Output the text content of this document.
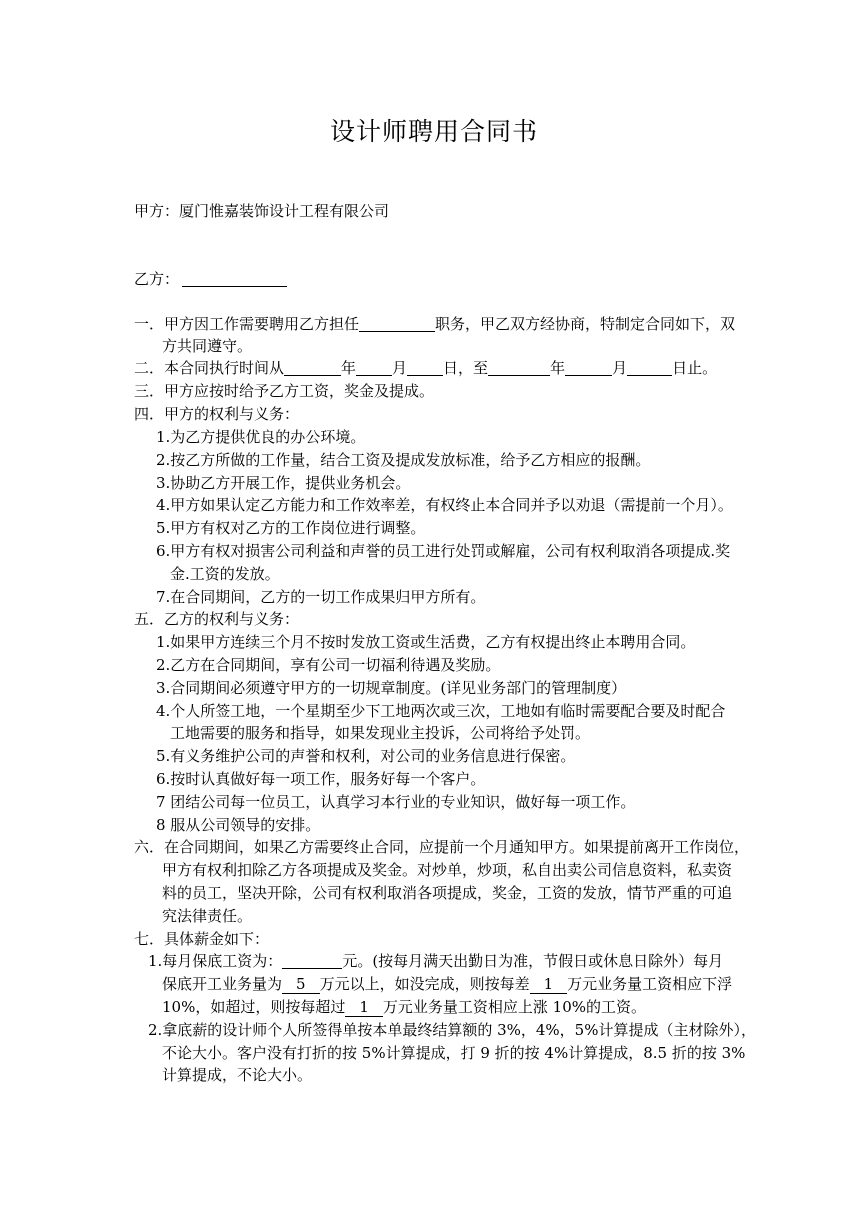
设计师聘用合同书
甲方：厦门惟嘉装饰设计工程有限公司
乙方：
一．甲方因工作需要聘用乙方担任	职务，甲乙双方经协商，特制定合同如下，双
方共同遵守。
二．本合同执行时间从	年 月 日，至	年	月	日止。
三．甲方应按时给予乙方工资，奖金及提成。
四．甲方的权利与义务：
1.为乙方提供优良的办公环境。
2.按乙方所做的工作量，结合工资及提成发放标准，给予乙方相应的报酬。
3.协助乙方开展工作，提供业务机会。
4.甲方如果认定乙方能力和工作效率差，有权终止本合同并予以劝退（需提前一个月）。
5.甲方有权对乙方的工作岗位进行调整。
6.甲方有权对损害公司利益和声誉的员工进行处罚或解雇，公司有权利取消各项提成.奖
金.工资的发放。
7.在合同期间，乙方的一切工作成果归甲方所有。
五．乙方的权利与义务：
1.如果甲方连续三个月不按时发放工资或生活费，乙方有权提出终止本聘用合同。
2.乙方在合同期间，享有公司一切福利待遇及奖励。
3.合同期间必须遵守甲方的一切规章制度。(详见业务部门的管理制度）
4.个人所签工地，一个星期至少下工地两次或三次，工地如有临时需要配合要及时配合
工地需要的服务和指导，如果发现业主投诉，公司将给予处罚。
5.有义务维护公司的声誉和权利，对公司的业务信息进行保密。
6.按时认真做好每一项工作，服务好每一个客户。
7 团结公司每一位员工，认真学习本行业的专业知识，做好每一项工作。
8 服从公司领导的安排。
六．在合同期间，如果乙方需要终止合同，应提前一个月通知甲方。如果提前离开工作岗位，
甲方有权利扣除乙方各项提成及奖金。对炒单，炒项，私自出卖公司信息资料，私卖资
料的员工，坚决开除，公司有权利取消各项提成，奖金，工资的发放，情节严重的可追
究法律责任。
七．具体薪金如下：
1.每月保底工资为：	元。(按每月满天出勤日为准，节假日或休息日除外）每月
保底开工业务量为 5 万元以上，如没完成，则按每差 1 万元业务量工资相应下浮
10%，如超过，则按每超过 1 万元业务量工资相应上涨 10%的工资。
2.拿底薪的设计师个人所签得单按本单最终结算额的 3%，4%，5%计算提成（主材除外），
不论大小。客户没有打折的按 5%计算提成，打 9 折的按 4%计算提成，8.5 折的按 3%
计算提成，不论大小。
